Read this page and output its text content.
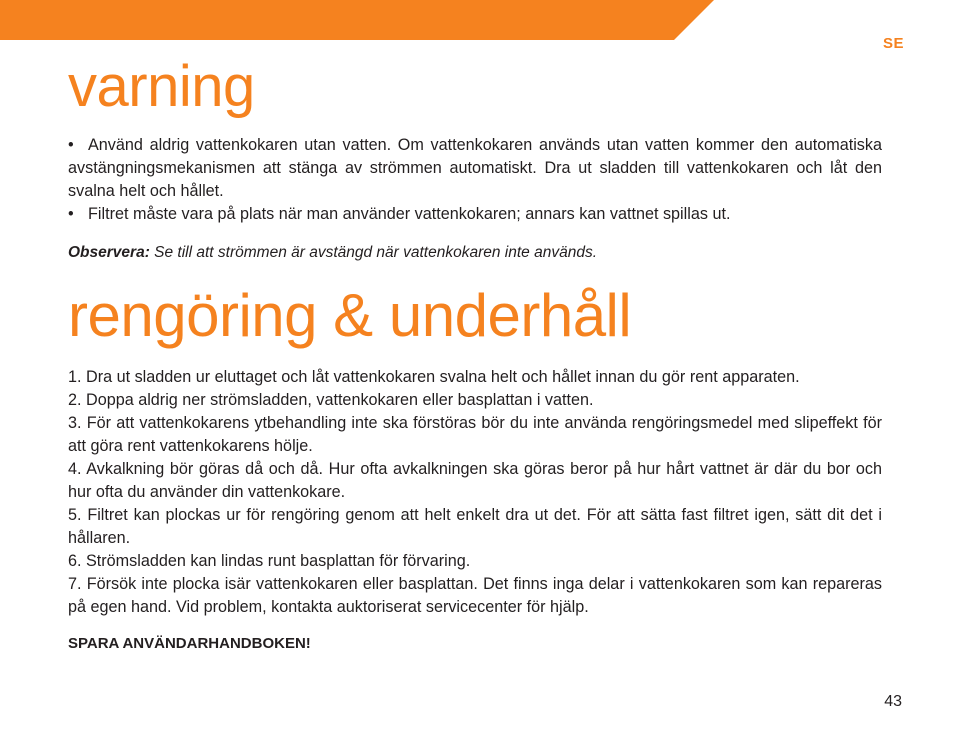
SE
varning

• Använd aldrig vattenkokaren utan vatten. Om vattenkokaren används utan vatten kommer den automatiska avstängningsmekanismen att stänga av strömmen automatiskt. Dra ut sladden till vattenkokaren och låt den svalna helt och hållet.

• Filtret måste vara på plats när man använder vattenkokaren; annars kan vattnet spillas ut.

Observera: Se till att strömmen är avstängd när vattenkokaren inte används.

rengöring & underhåll

1. Dra ut sladden ur eluttaget och låt vattenkokaren svalna helt och hållet innan du gör rent apparaten.

2. Doppa aldrig ner strömsladden, vattenkokaren eller basplattan i vatten.

3. För att vattenkokarens ytbehandling inte ska förstöras bör du inte använda rengöringsmedel med slipeffekt för att göra rent vattenkokarens hölje.

4. Avkalkning bör göras då och då. Hur ofta avkalkningen ska göras beror på hur hårt vattnet är där du bor och hur ofta du använder din vattenkokare.

5. Filtret kan plockas ur för rengöring genom att helt enkelt dra ut det. För att sätta fast filtret igen, sätt dit det i hållaren.

6. Strömsladden kan lindas runt basplattan för förvaring.

7. Försök inte plocka isär vattenkokaren eller basplattan. Det finns inga delar i vattenkokaren som kan repareras på egen hand. Vid problem, kontakta auktoriserat servicecenter för hjälp.

SPARA ANVÄNDARHANDBOKEN!

43
